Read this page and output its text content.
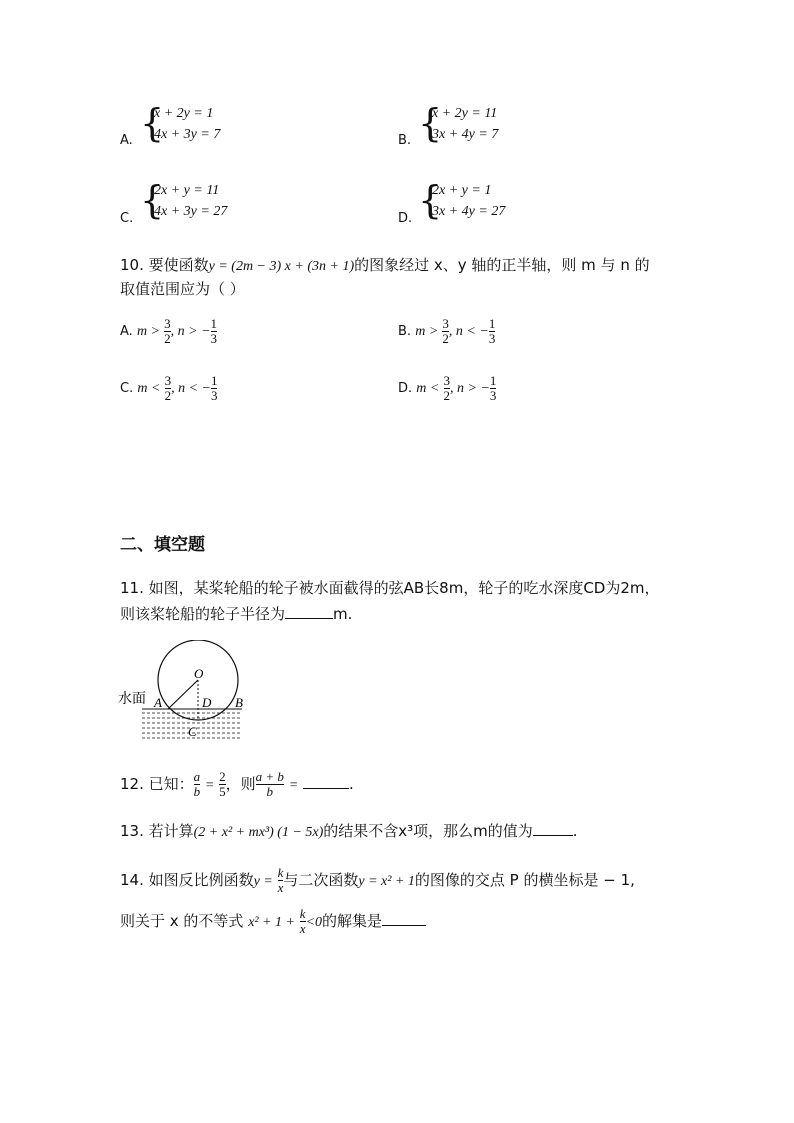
A. {
x + 2y = 1
4x + 3y = 7	B. {
x + 2y = 11
3x + 4y = 7
C. {
2x + y = 11
4x + 3y = 27	D. {
2x + y = 1
3x + 4y = 27
10. 要使函数y = (2m − 3) x + (3n + 1)的图象经过 x、y 轴的正半轴，则 m 与 n 的
取值范围应为（ ）
A. $m > \frac{3}{2}$ , n > − $\frac{1}{3}$	B. $m > \frac{3}{2}$ , n < − $\frac{1}{3}$
C. $m < \frac{3}{2}$ , n < − $\frac{1}{3}$	D. $m < \frac{3}{2}$ , n > − $\frac{1}{3}$
二、填空题
11. 如图，某桨轮船的轮子被水面截得的弦AB长8m，轮子的吃水深度CD为2m，
则该桨轮船的轮子半径为	m.
水面
O
A	B
D
C
12. 已知： $\frac{a}{b} = \frac{2}{5}$ ，则 $\frac{a + b}{b}$ =	.
13. 若计算(2 + x² + mx³) (1 − 5x)的结果不含x³项，那么m的值为	.
14. 如图反比例函数$y = \frac{k}{x}$ 与二次函数y = x² + 1的图像的交点 P 的横坐标是 − 1,
则关于 x 的不等式 $x^2 + 1 + \frac{k}{x} <0$的解集是
